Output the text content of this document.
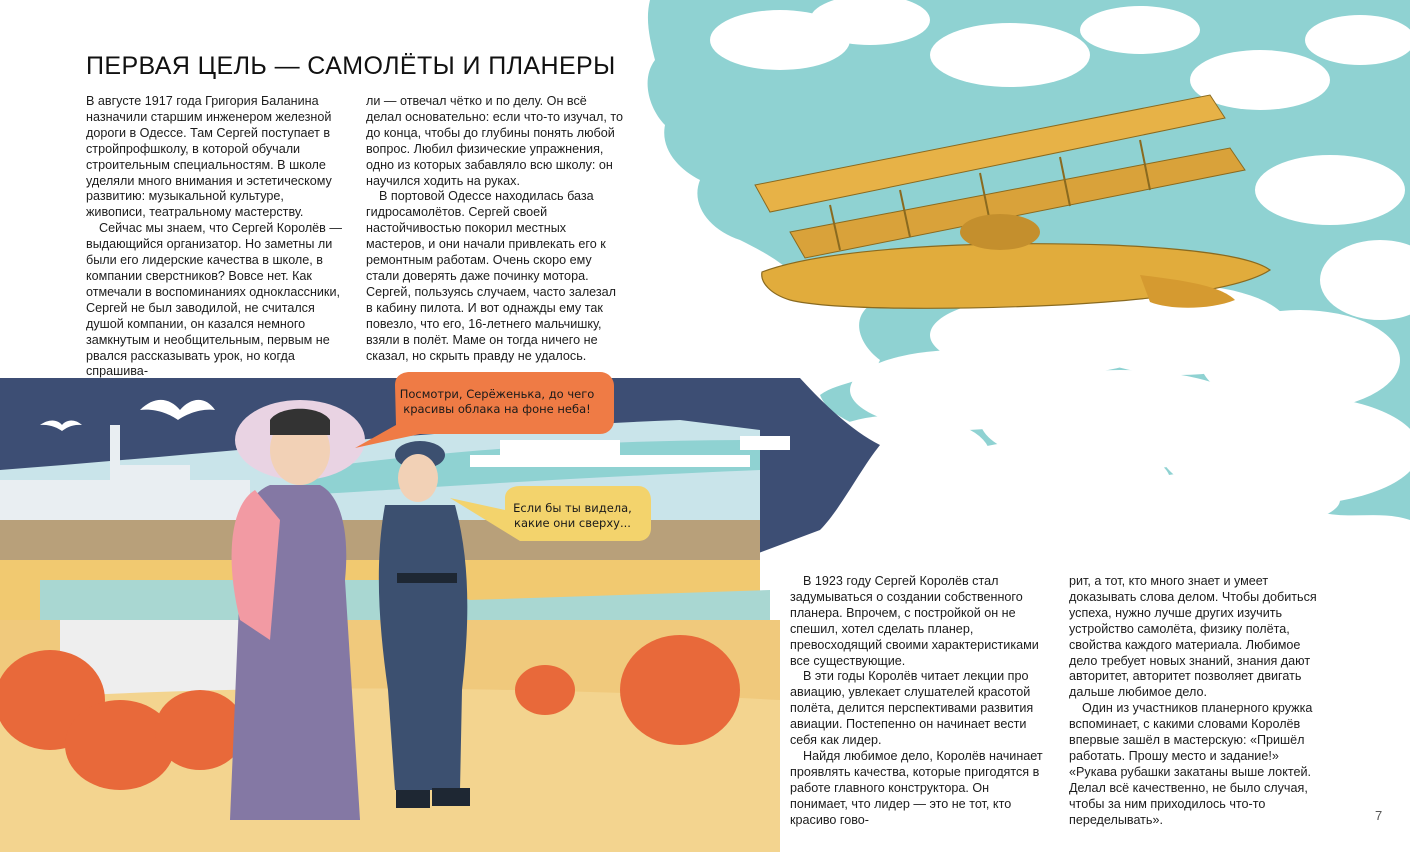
ПЕРВАЯ ЦЕЛЬ — САМОЛЁТЫ И ПЛАНЕРЫ

В августе 1917 года Григория Баланина назначили старшим инженером железной дороги в Одессе. Там Сергей поступает в стройпрофшколу, в которой обучали строительным специальностям. В школе уделяли много внимания и эстетическому развитию: музыкальной культуре, живописи, театральному мастерству.

Сейчас мы знаем, что Сергей Королёв — выдающийся организатор. Но заметны ли были его лидерские качества в школе, в компании сверстников? Вовсе нет. Как отмечали в воспоминаниях одноклассники, Сергей не был заводилой, не считался душой компании, он казался немного замкнутым и необщительным, первым не рвался рассказывать урок, но когда спрашива-

ли — отвечал чётко и по делу. Он всё делал основательно: если что-то изучал, то до конца, чтобы до глубины понять любой вопрос. Любил физические упражнения, одно из которых забавляло всю школу: он научился ходить на руках.

В портовой Одессе находилась база гидросамолётов. Сергей своей настойчивостью покорил местных мастеров, и они начали привлекать его к ремонтным работам. Очень скоро ему стали доверять даже починку мотора. Сергей, пользуясь случаем, часто залезал в кабину пилота. И вот однажды ему так повезло, что его, 16-летнего мальчишку, взяли в полёт. Маме он тогда ничего не сказал, но скрыть правду не удалось.

В 1923 году Сергей Королёв стал задумываться о создании собственного планера. Впрочем, с постройкой он не спешил, хотел сделать планер, превосходящий своими характеристиками все существующие.

В эти годы Королёв читает лекции про авиацию, увлекает слушателей красотой полёта, делится перспективами развития авиации. Постепенно он начинает вести себя как лидер.

Найдя любимое дело, Королёв начинает проявлять качества, которые пригодятся в работе главного конструктора. Он понимает, что лидер — это не тот, кто красиво гово-

рит, а тот, кто много знает и умеет доказывать слова делом. Чтобы добиться успеха, нужно лучше других изучить устройство самолёта, физику полёта, свойства каждого материала. Любимое дело требует новых знаний, знания дают авторитет, авторитет позволяет двигать дальше любимое дело.

Один из участников планерного кружка вспоминает, с какими словами Королёв впервые зашёл в мастерскую: «Пришёл работать. Прошу место и задание!» «Рукава рубашки закатаны выше локтей. Делал всё качественно, не было случая, чтобы за ним приходилось что-то переделывать».

Посмотри, Серёженька, до чего красивы облака на фоне неба!
Если бы ты видела, какие они сверху...
7
